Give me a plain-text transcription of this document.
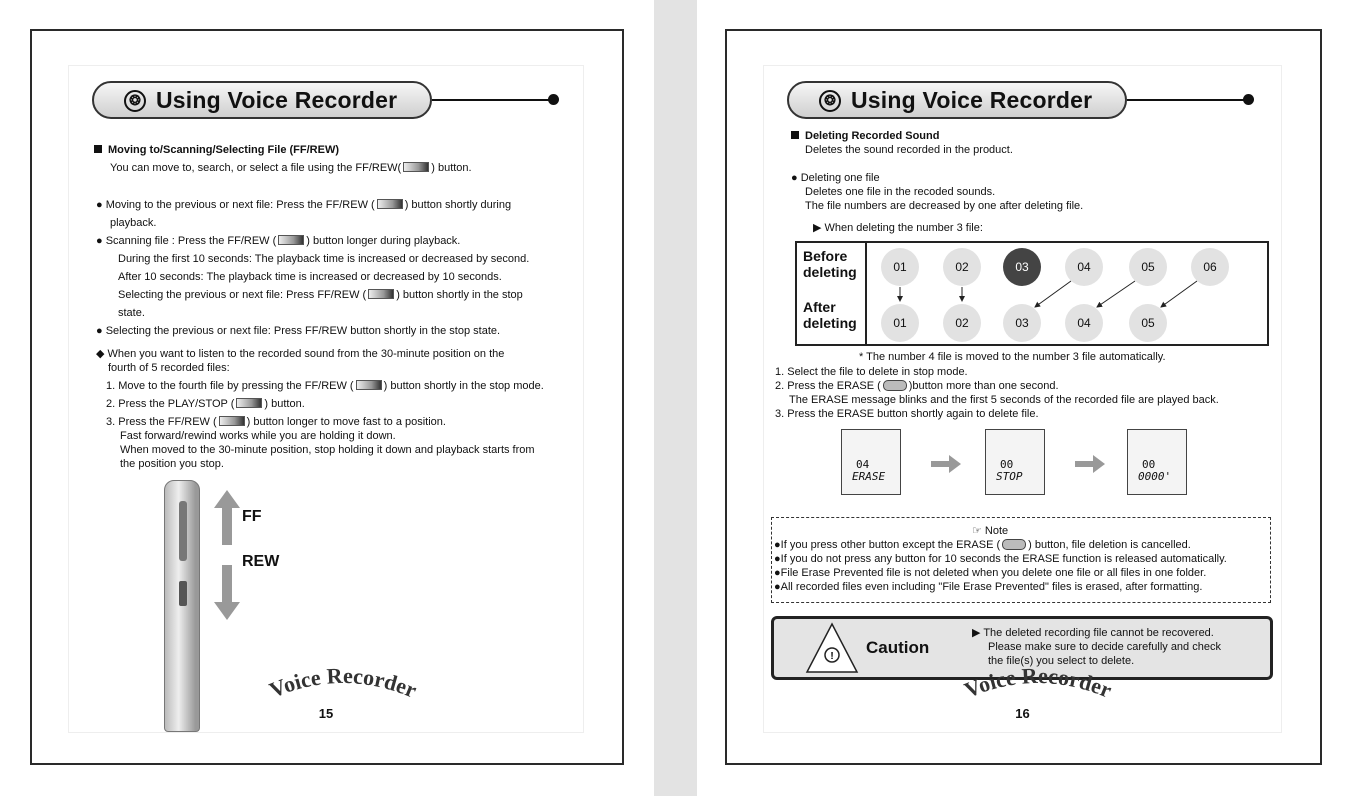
❂ Using Voice Recorder
Moving to/Scanning/Selecting File (FF/REW)
You can move to, search, or select a file using the FF/REW(	) button.
● Moving to the previous or next file: Press the FF/REW (	) button shortly during
playback.
● Scanning file : Press the FF/REW (	) button longer during playback.
During the first 10 seconds: The playback time is increased or decreased by second.
After 10 seconds: The playback time is increased or decreased by 10 seconds.
Selecting the previous or next file: Press FF/REW (	) button shortly in the stop
state.
● Selecting the previous or next file: Press FF/REW button shortly in the stop state.
◆ When you want to listen to the recorded sound from the 30-minute position on the
fourth of 5 recorded files:
1. Move to the fourth file by pressing the FF/REW (	) button shortly in the stop mode.
2. Press the PLAY/STOP (	) button.
3. Press the FF/REW (	) button longer to move fast to a position.
Fast forward/rewind works while you are holding it down.
When moved to the 30-minute position, stop holding it down and playback starts from
the position you stop.
FF
REW
Voice Recorder
15
❂ Using Voice Recorder
Deleting Recorded Sound
Deletes the sound recorded in the product.
● Deleting one file
Deletes one file in the recoded sounds.
The file numbers are decreased by one after deleting file.
▶ When deleting the number 3 file:
Before
deleting
After
deleting
01	02	03	04	05	06
01	02	03	04	05
* The number 4 file is moved to the number 3 file automatically.
1. Select the file to delete in stop mode.
2. Press the ERASE (	)button more than one second.
The ERASE message blinks and the first 5 seconds of the recorded file are played back.
3. Press the ERASE button shortly again to delete file.
04
ERASE
00
STOP
00
0000'
☞ Note
●If you press other button except the ERASE (	) button, file deletion is cancelled.
●If you do not press any button for 10 seconds the ERASE function is released automatically.
●File Erase Prevented file is not deleted when you delete one file or all files in one folder.
●All recorded files even including "File Erase Prevented" files is erased, after formatting.
! Caution
▶ The deleted recording file cannot be recovered.
Please make sure to decide carefully and check
the file(s) you select to delete.
Voice Recorder
16
